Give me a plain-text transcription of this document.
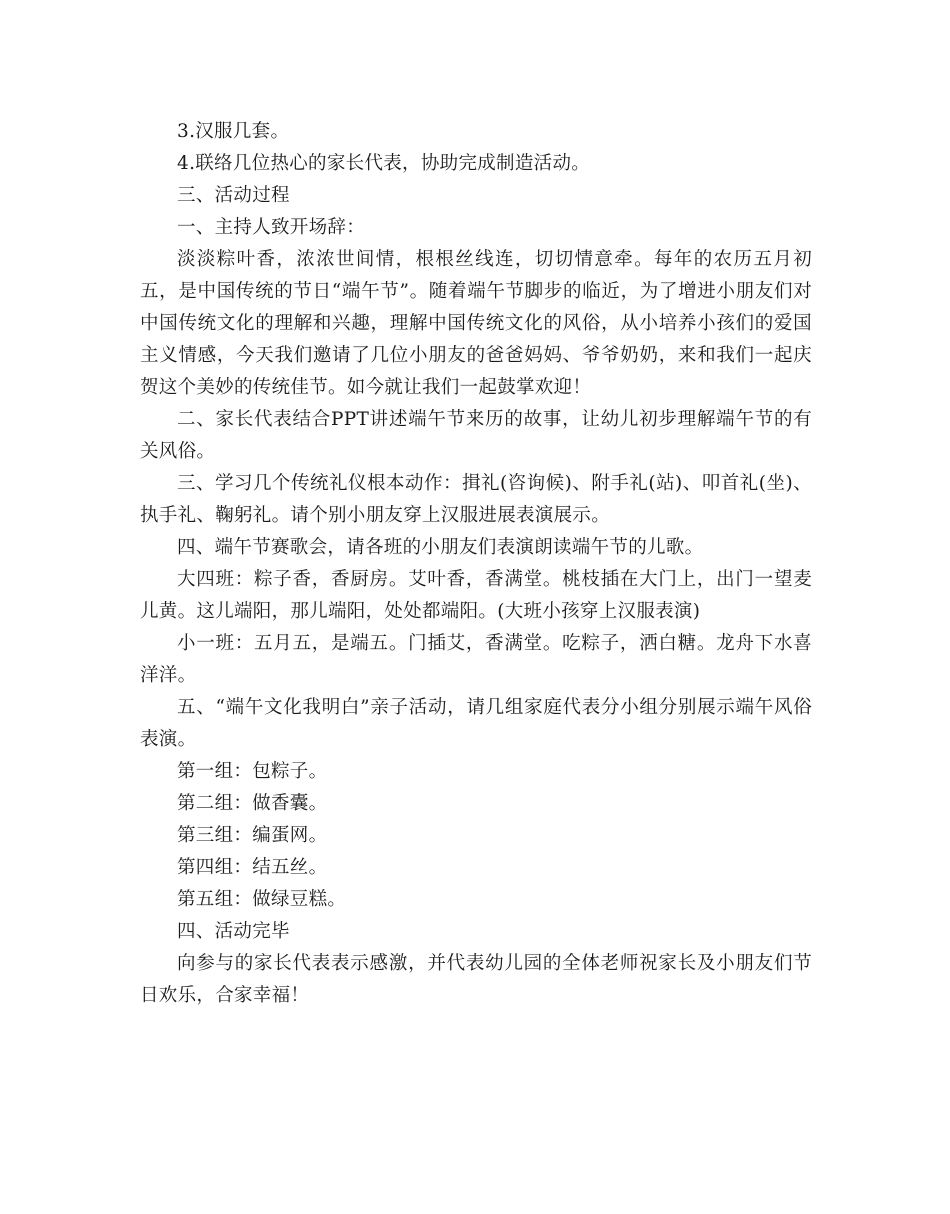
3.汉服几套。

4.联络几位热心的家长代表，协助完成制造活动。

三、活动过程

一、主持人致开场辞：

淡淡粽叶香，浓浓世间情，根根丝线连，切切情意牵。每年的农历五月初五，是中国传统的节日“端午节”。随着端午节脚步的临近，为了增进小朋友们对中国传统文化的理解和兴趣，理解中国传统文化的风俗，从小培养小孩们的爱国主义情感，今天我们邀请了几位小朋友的爸爸妈妈、爷爷奶奶，来和我们一起庆贺这个美妙的传统佳节。如今就让我们一起鼓掌欢迎！

二、家长代表结合PPT讲述端午节来历的故事，让幼儿初步理解端午节的有关风俗。

三、学习几个传统礼仪根本动作：揖礼(咨询候)、附手礼(站)、叩首礼(坐)、执手礼、鞠躬礼。请个别小朋友穿上汉服进展表演展示。

四、端午节赛歌会，请各班的小朋友们表演朗读端午节的儿歌。

大四班：粽子香，香厨房。艾叶香，香满堂。桃枝插在大门上，出门一望麦儿黄。这儿端阳，那儿端阳，处处都端阳。(大班小孩穿上汉服表演)

小一班：五月五，是端五。门插艾，香满堂。吃粽子，洒白糖。龙舟下水喜洋洋。

五、“端午文化我明白”亲子活动，请几组家庭代表分小组分别展示端午风俗表演。

第一组：包粽子。

第二组：做香囊。

第三组：编蛋网。

第四组：结五丝。

第五组：做绿豆糕。

四、活动完毕

向参与的家长代表表示感激，并代表幼儿园的全体老师祝家长及小朋友们节日欢乐，合家幸福！
